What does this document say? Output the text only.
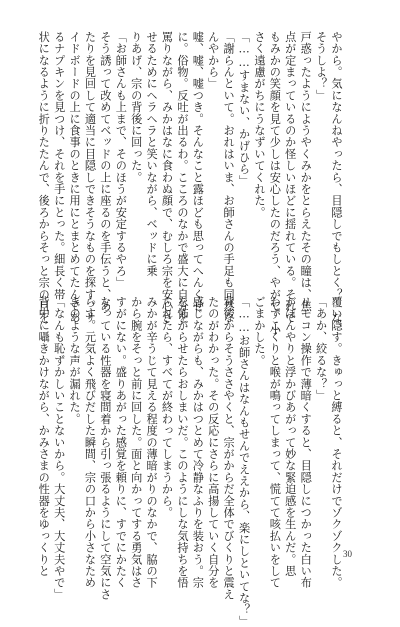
やから。気になんねやったら、目隠しでもしとく？　な、
そうしよ？」
戸惑ったようにようやくみかをとらえたその瞳は、焦
点が定まっているのか怪しいほどに揺れている。それで
もみかの笑顔を見て少しは安心したのだろう、やがて、小
さく遠慮がちにうなずいてくれた。
「……すまない、かげひら」
「謝らんといて。おれはいま、お師さんの手足も同然な
んやから」
嘘、嘘、嘘つき。そんなこと露ほども思ってへんくせ
に。俗物。反吐が出るわ。こころのなかで盛大に自分を
罵りながら、みかはなに食わぬ顔で、むしろ宗を安心さ
せるためにヘラヘラと笑いながら、ベッドに乗
りあげ、宗の背後に回った。
「お師さんも上まで、そのほうが安定するやろ」
そう誘って改めてベッドの上に座るのを手伝うと、あ
たりを見回して適当に目隠しできそうなものを探す。サ
イドボードの上に食事のときに用にとまとめてたんであ
るナプキンを見つけ、それを手にとった。細長く帯
状になるように折りたたんで、後ろからそっと宗の目を
覆い隠す。きゅっと縛ると、それだけでゾクゾクした。
「あか、絞るな？」
リモコン操作で薄暗くすると、目隠しにつかった白い布
がぼんやりと浮かびあがって妙な緊迫感を生んだ。思
わずこくりと喉が鳴ってしまって、慌てて咳払いをして
ごまかした。
「……お師さんはなんもせんでええから、楽にしといてな？」
背後からそうささやくと、宗がからだ全体でびくりと震え
たのがわかった。その反応にさらに高揚していく自分を
感じながらも、みかはつとめて冷静なふりを装おう。宗
を怖がらせたらおしまいだ。このようにしな気持ちを悟
られたら、すべてが終わってしまうから。
みかが辛うじて見える程度の薄暗がりのなかで、脇の下
から腕をそっと前に回した。面と向かってする勇気はさ
すがにない。盛りあがった感覚を頼りに、すでにかたく
なっている性器を寝間着から引っ張るようにして空気にさ
らす。元気よく飛びだした瞬間、宗の口から小さなため
きのような声が漏れた。
「なんも恥ずかしいことないから。大丈夫、大丈夫やで」
背中に囁きかけながら、かみさまの性器をゆっくりと	30
